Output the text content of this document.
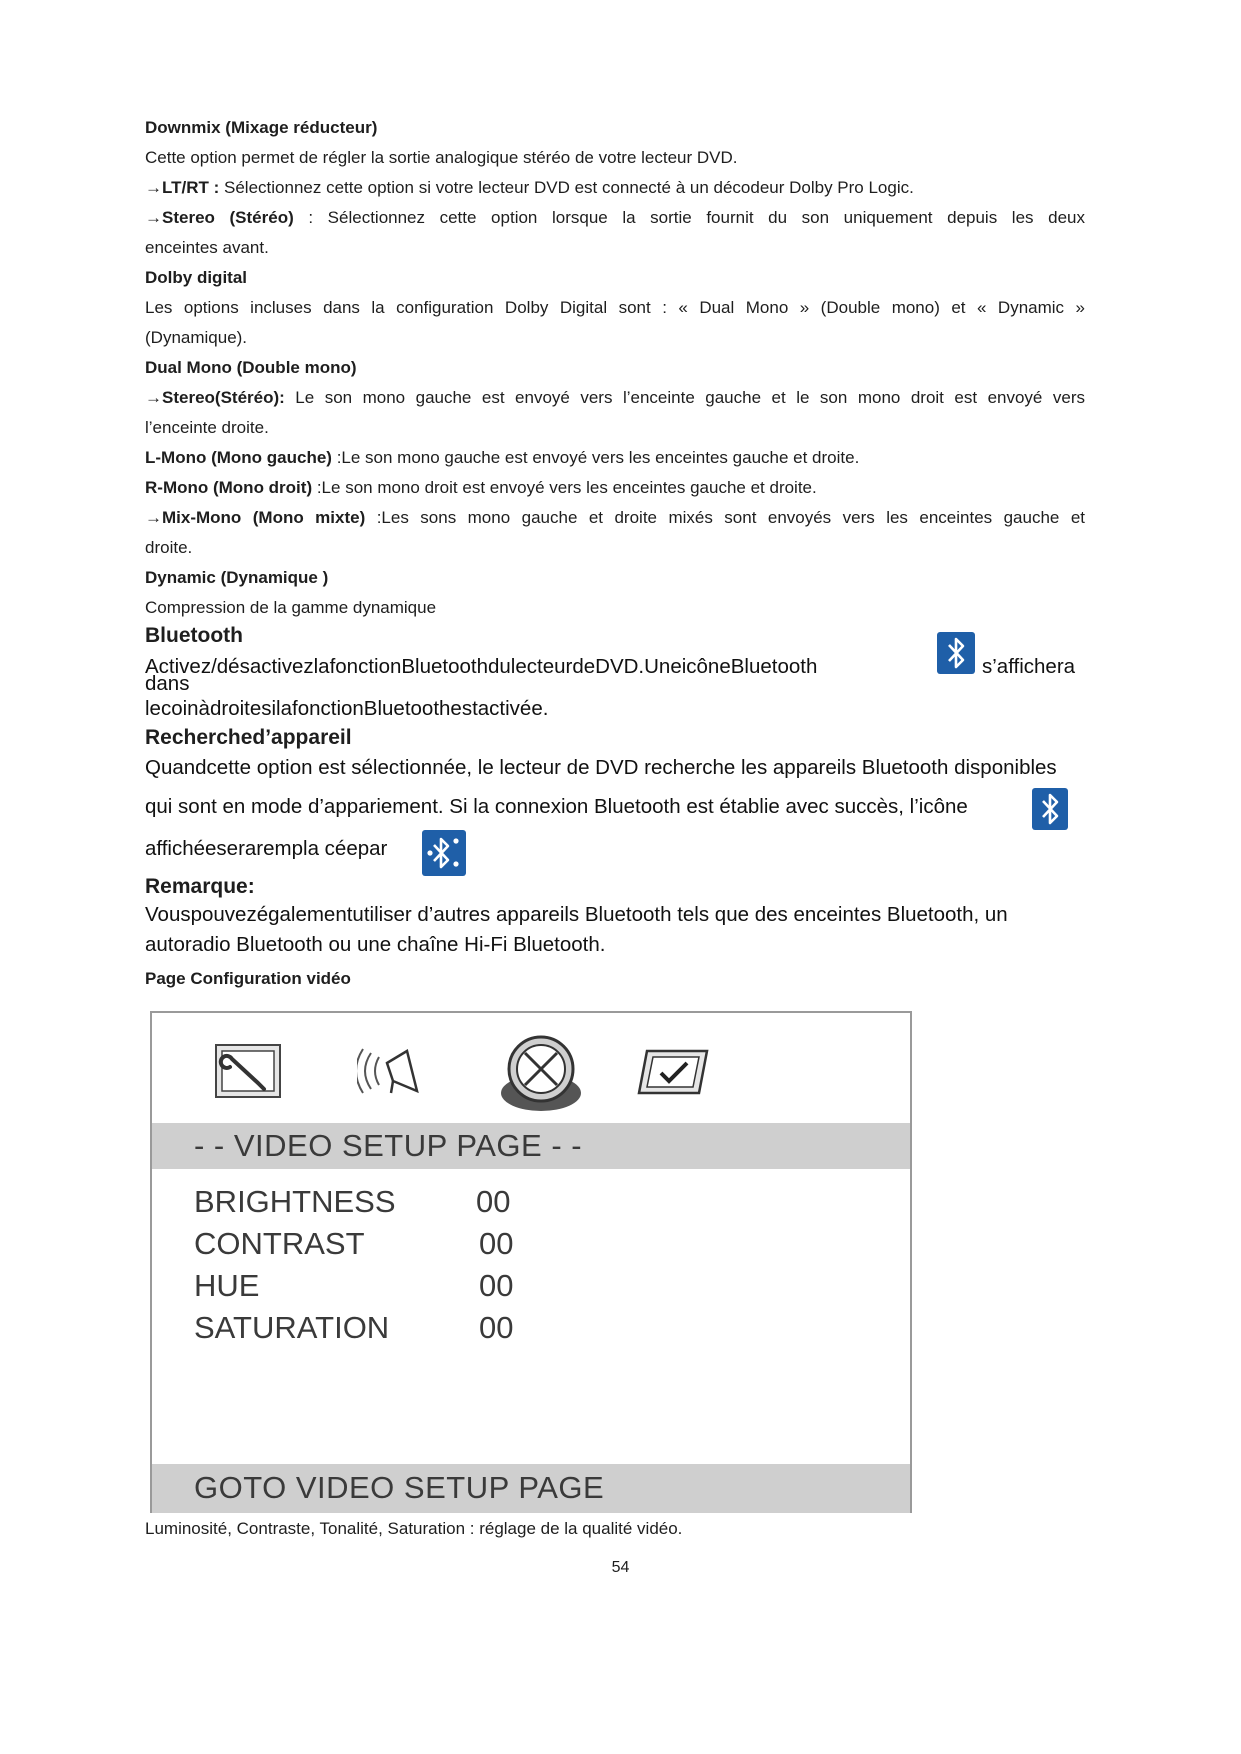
Downmix (Mixage réducteur)
Cette option permet de régler la sortie analogique stéréo de votre lecteur DVD.
→LT/RT : Sélectionnez cette option si votre lecteur DVD est connecté à un décodeur Dolby Pro Logic.
→Stereo (Stéréo) : Sélectionnez cette option lorsque la sortie fournit du son uniquement depuis les deux
enceintes avant.
Dolby digital
Les options incluses dans la configuration Dolby Digital sont : « Dual Mono » (Double mono) et « Dynamic »
(Dynamique).
Dual Mono (Double mono)
→Stereo(Stéréo): Le son mono gauche est envoyé vers l’enceinte gauche et le son mono droit est envoyé vers
l’enceinte droite.
L-Mono (Mono gauche) :Le son mono gauche est envoyé vers les enceintes gauche et droite.
R-Mono (Mono droit) :Le son mono droit est envoyé vers les enceintes gauche et droite.
→Mix-Mono (Mono mixte) :Les sons mono gauche et droite mixés sont envoyés vers les enceintes gauche et
droite.
Dynamic (Dynamique )
Compression de la gamme dynamique
Bluetooth
Activez/désactivezlafonctionBluetoothdulecteurdeDVD.UneicôneBluetooth	s’affichera
dans
lecoinàdroitesilafonctionBluetoothestactivée.
Recherched’appareil
Quandcette option est sélectionnée, le lecteur de DVD recherche les appareils Bluetooth disponibles
qui sont en mode d’appariement. Si la connexion Bluetooth est établie avec succès, l’icône
affichéeserarempla céepar
Remarque:
Vouspouvezégalementutiliser d’autres appareils Bluetooth tels que des enceintes Bluetooth, un
autoradio Bluetooth ou une chaîne Hi-Fi Bluetooth.
Page Configuration vidéo
- - VIDEO SETUP PAGE - -
BRIGHTNESS	00
CONTRAST	00
HUE	00
SATURATION	00
GOTO VIDEO SETUP PAGE
Luminosité, Contraste, Tonalité, Saturation : réglage de la qualité vidéo.
54
